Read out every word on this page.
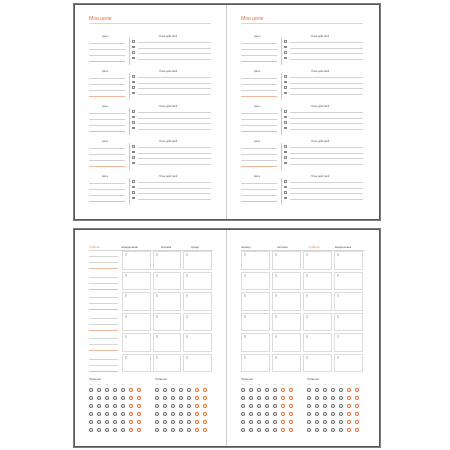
Мои цели
Цель	План действий
Цель	План действий
Цель	План действий
Цель	План действий
Цель	План действий
Мои цели
Цель	План действий
Цель	План действий
Цель	План действий
Цель	План действий
Цель	План действий
суббота	понедельник	вторник	среда
Привычки
пн	вт	ср	чт	пт	сб	вс
Привычки
пн	вт	ср	чт	пт	сб	вс
четверг	пятница	суббота	воскресенье
Привычки
пн	вт	ср	чт	пт	сб	вс
Привычки
пн	вт	ср	чт	пт	сб	вс
